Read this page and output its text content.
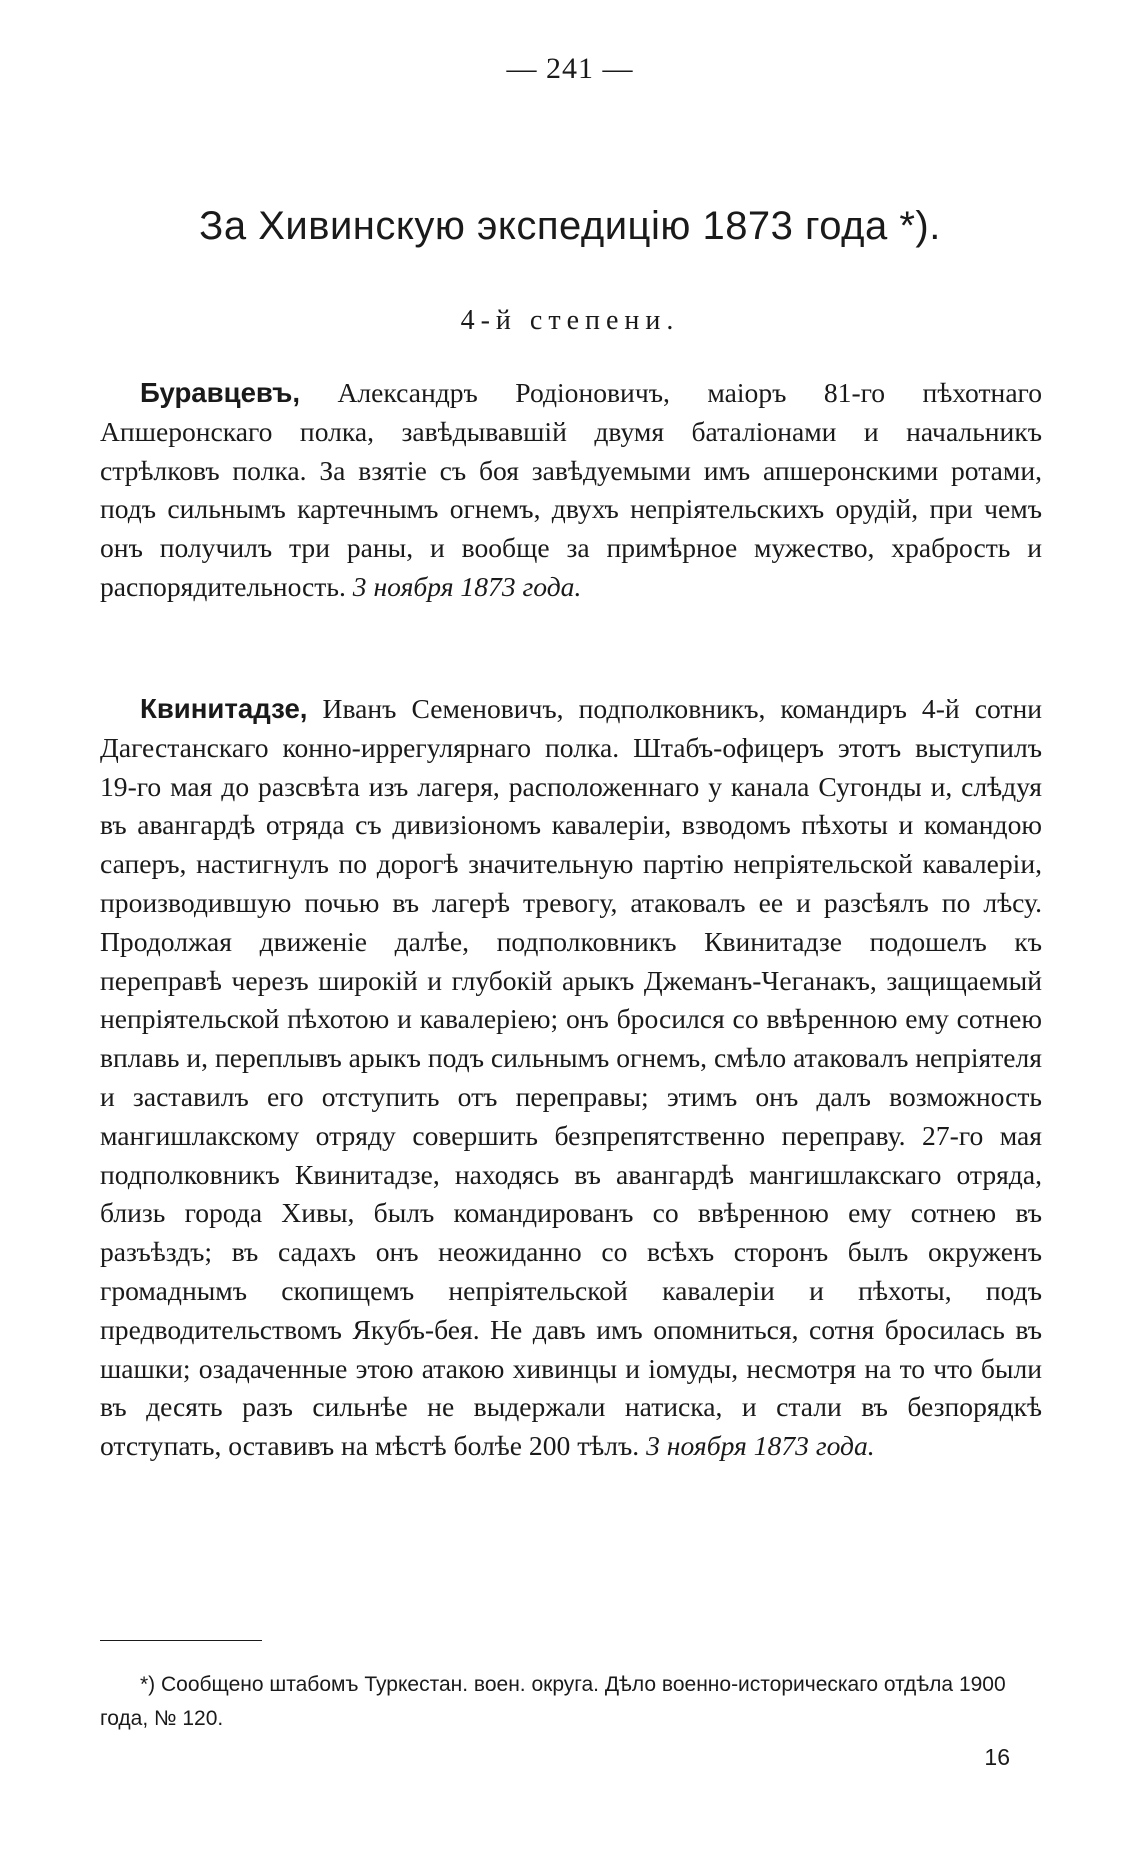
— 241 —
За Хивинскую экспедицію 1873 года *).
4-й степени.

Буравцевъ, Александръ Родіоновичъ, маіоръ 81-го пѣхотнаго Апшеронскаго полка, завѣдывавшій двумя баталіонами и начальникъ стрѣлковъ полка. За взятіе съ боя завѣдуемыми имъ апшеронскими ротами, подъ сильнымъ картечнымъ огнемъ, двухъ непріятельскихъ орудій, при чемъ онъ получилъ три раны, и вообще за примѣрное мужество, храбрость и распорядительность. 3 ноября 1873 года.

Квинитадзе, Иванъ Семеновичъ, подполковникъ, командиръ 4-й сотни Дагестанскаго конно-иррегулярнаго полка. Штабъ-офицеръ этотъ выступилъ 19-го мая до разсвѣта изъ лагеря, расположеннаго у канала Сугонды и, слѣдуя въ авангардѣ отряда съ дивизіономъ кавалеріи, взводомъ пѣхоты и командою саперъ, настигнулъ по дорогѣ значительную партію непріятельской кавалеріи, производившую почью въ лагерѣ тревогу, атаковалъ ее и разсѣялъ по лѣсу. Продолжая движеніе далѣе, подполковникъ Квинитадзе подошелъ къ переправѣ черезъ широкій и глубокій арыкъ Джеманъ-Чеганакъ, защищаемый непріятельской пѣхотою и кавалеріею; онъ бросился со ввѣренною ему сотнею вплавь и, переплывъ арыкъ подъ сильнымъ огнемъ, смѣло атаковалъ непріятеля и заставилъ его отступить отъ переправы; этимъ онъ далъ возможность мангишлакскому отряду совершить безпрепятственно переправу. 27-го мая подполковникъ Квинитадзе, находясь въ авангардѣ мангишлакскаго отряда, близь города Хивы, былъ командированъ со ввѣренною ему сотнею въ разъѣздъ; въ садахъ онъ неожиданно со всѣхъ сторонъ былъ окруженъ громаднымъ скопищемъ непріятельской кавалеріи и пѣхоты, подъ предводительствомъ Якубъ-бея. Не давъ имъ опомниться, сотня бросилась въ шашки; озадаченные этою атакою хивинцы и іомуды, несмотря на то что были въ десять разъ сильнѣе не выдержали натиска, и стали въ безпорядкѣ отступать, оставивъ на мѣстѣ болѣе 200 тѣлъ. 3 ноября 1873 года.

*) Сообщено штабомъ Туркестан. воен. округа. Дѣло военно-историческаго отдѣла 1900 года, № 120.
16
